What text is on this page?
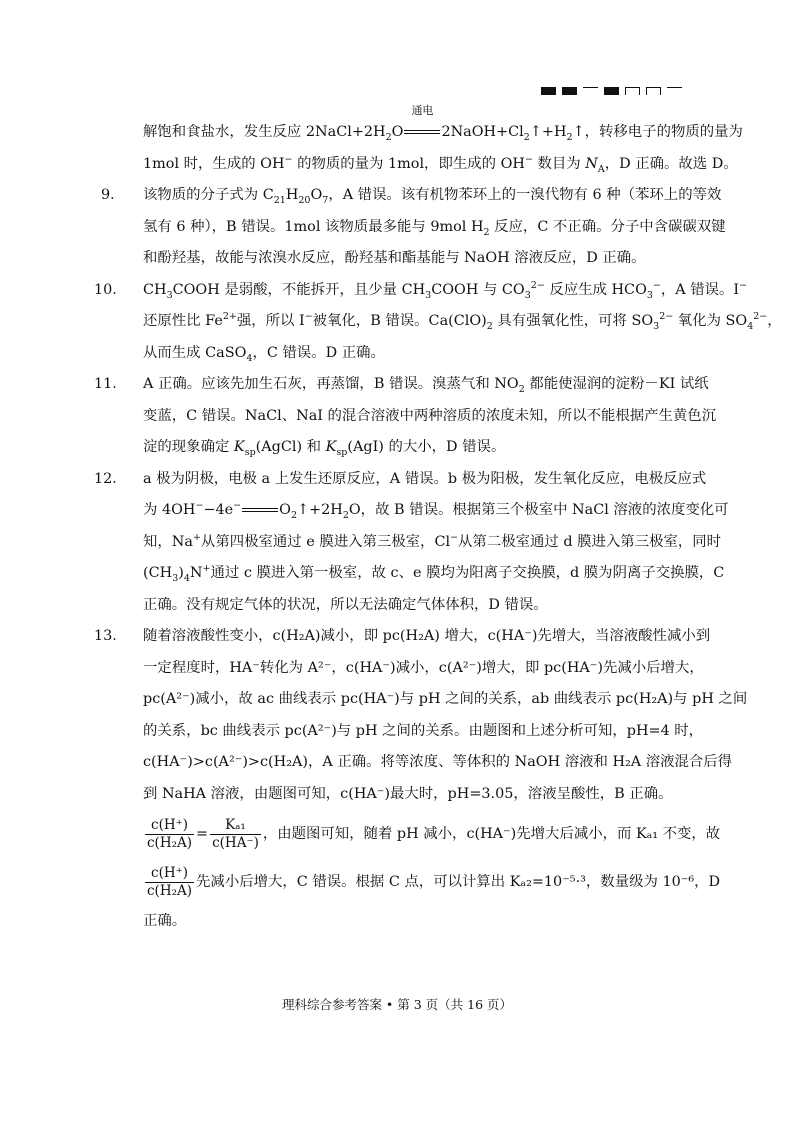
解饱和食盐水，发生反应 $2NaCl+2H_2O$
通电
$2NaOH+Cl_2↑+H_2↑$，转移电子的物质的量为
1mol 时，生成的 OH− 的物质的量为 1mol，即生成的 OH− 数目为 $N_A$，D 正确。故选 D。
9．	该物质的分子式为 $C_{21}H_{20}O_7$，A 错误。该有机物苯环上的一溴代物有 6 种（苯环上的等效
氢有 6 种），B 错误。1mol 该物质最多能与 9mol $H_2$ 反应，C 不正确。分子中含碳碳双键
和酚羟基，故能与浓溴水反应，酚羟基和酯基能与 NaOH 溶液反应，D 正确。
10．	$CH_3COOH$ 是弱酸，不能拆开，且少量 $CH_3COOH$ 与 $CO_3^{2-}$ 反应生成 $HCO_3^-$，A 错误。I−
还原性比 $Fe^{2+}$强，所以 I−被氧化，B 错误。$Ca(ClO)_2$ 具有强氧化性，可将 $SO_3^{2-}$ 氧化为 $SO_4^{2-}$，
从而生成 CaSO$_4$，C 错误。D 正确。
11．	A 正确。应该先加生石灰，再蒸馏，B 错误。溴蒸气和 $NO_2$ 都能使湿润的淀粉－KI 试纸
变蓝，C 错误。NaCl、NaI 的混合溶液中两种溶质的浓度未知，所以不能根据产生黄色沉
淀的现象确定 $K_{sp}(AgCl)$ 和 $K_{sp}(AgI)$ 的大小，D 错误。
12．	a 极为阴极，电极 a 上发生还原反应，A 错误。b 极为阳极，发生氧化反应，电极反应式
为 4OH−−4e−	$O_2↑+2H_2O$，故 B 错误。根据第三个极室中 NaCl 溶液的浓度变化可
知，Na+从第四极室通过 e 膜进入第三极室，Cl−从第二极室通过 d 膜进入第三极室，同时
$(CH_3)_4N^+$通过 c 膜进入第一极室，故 c、e 膜均为阳离子交换膜，d 膜为阴离子交换膜，C
正确。没有规定气体的状况，所以无法确定气体体积，D 错误。
13．	随着溶液酸性变小，c(H₂A)减小，即 pc(H₂A) 增大，c(HA⁻)先增大，当溶液酸性减小到
一定程度时，HA⁻转化为 A²⁻，c(HA⁻)减小，c(A²⁻)增大，即 pc(HA⁻)先减小后增大，
pc(A²⁻)减小，故 ac 曲线表示 pc(HA⁻)与 pH 之间的关系，ab 曲线表示 pc(H₂A)与 pH 之间
的关系，bc 曲线表示 pc(A²⁻)与 pH 之间的关系。由题图和上述分析可知，pH=4 时，
c(HA⁻)>c(A²⁻)>c(H₂A)，A 正确。将等浓度、等体积的 NaOH 溶液和 H₂A 溶液混合后得
到 NaHA 溶液，由题图可知，c(HA⁻)最大时，pH=3.05，溶液呈酸性，B 正确。
$\frac{c(H^+)}{\text{c(H₂A)}} = \frac{\text{Kₐ₁}}{c(HA^-)}$ ，由题图可知，随着 pH 减小，c(HA⁻)先增大后减小，而 Kₐ₁ 不变，故
$\frac{c(H^+)}{\text{c(H₂A)}}$ 先减小后增大，C 错误。根据 C 点，可以计算出 Kₐ₂=10⁻⁵·³，数量级为 10⁻⁶，D
正确。
理科综合参考答案 • 第 3 页（共 16 页）
